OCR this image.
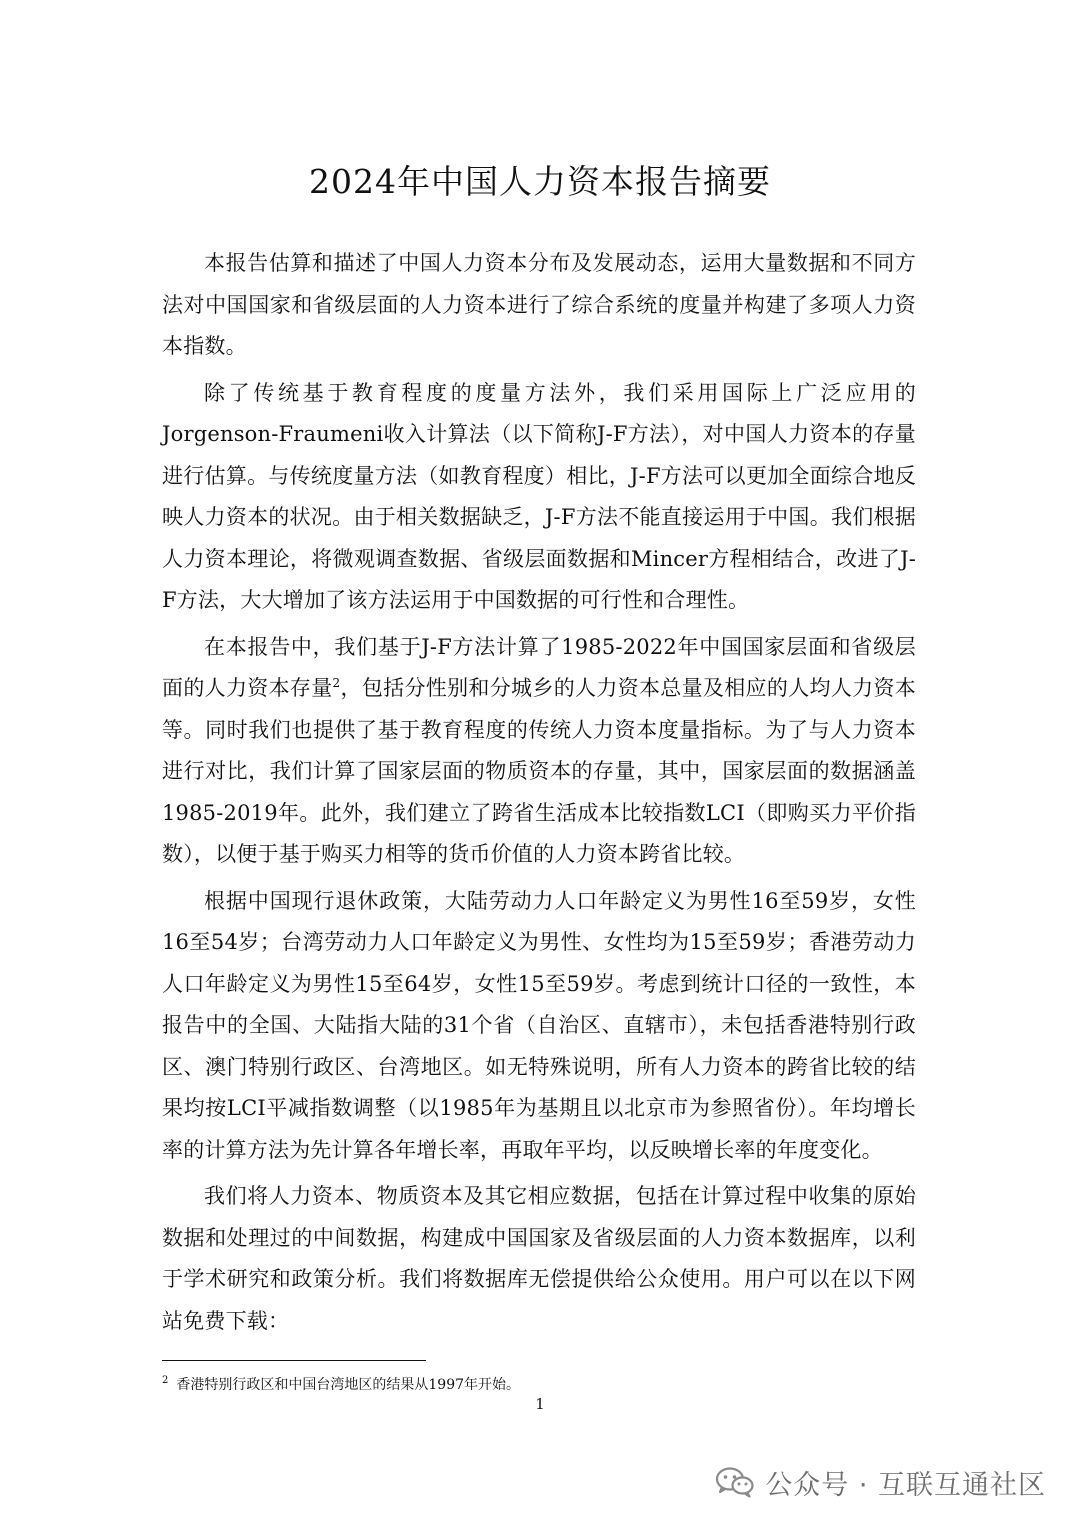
2024年中国人力资本报告摘要

本报告估算和描述了中国人力资本分布及发展动态，运用大量数据和不同方法对中国国家和省级层面的人力资本进行了综合系统的度量并构建了多项人力资本指数。

除了传统基于教育程度的度量方法外，我们采用国际上广泛应用的Jorgenson-Fraumeni收入计算法（以下简称J-F方法），对中国人力资本的存量进行估算。与传统度量方法（如教育程度）相比，J-F方法可以更加全面综合地反映人力资本的状况。由于相关数据缺乏，J-F方法不能直接运用于中国。我们根据人力资本理论，将微观调查数据、省级层面数据和Mincer方程相结合，改进了J-F方法，大大增加了该方法运用于中国数据的可行性和合理性。

在本报告中，我们基于J-F方法计算了1985-2022年中国国家层面和省级层面的人力资本存量$^2$，包括分性别和分城乡的人力资本总量及相应的人均人力资本等。同时我们也提供了基于教育程度的传统人力资本度量指标。为了与人力资本进行对比，我们计算了国家层面的物质资本的存量，其中，国家层面的数据涵盖1985-2019年。此外，我们建立了跨省生活成本比较指数LCI（即购买力平价指数），以便于基于购买力相等的货币价值的人力资本跨省比较。

根据中国现行退休政策，大陆劳动力人口年龄定义为男性16至59岁，女性16至54岁；台湾劳动力人口年龄定义为男性、女性均为15至59岁；香港劳动力人口年龄定义为男性15至64岁，女性15至59岁。考虑到统计口径的一致性，本报告中的全国、大陆指大陆的31个省（自治区、直辖市），未包括香港特别行政区、澳门特别行政区、台湾地区。如无特殊说明，所有人力资本的跨省比较的结果均按LCI平减指数调整（以1985年为基期且以北京市为参照省份）。年均增长率的计算方法为先计算各年增长率，再取年平均，以反映增长率的年度变化。

我们将人力资本、物质资本及其它相应数据，包括在计算过程中收集的原始数据和处理过的中间数据，构建成中国国家及省级层面的人力资本数据库，以利于学术研究和政策分析。我们将数据库无偿提供给公众使用。用户可以在以下网站免费下载：

$^2$ 香港特别行政区和中国台湾地区的结果从1997年开始。
1
公众号 · 互联互通社区
